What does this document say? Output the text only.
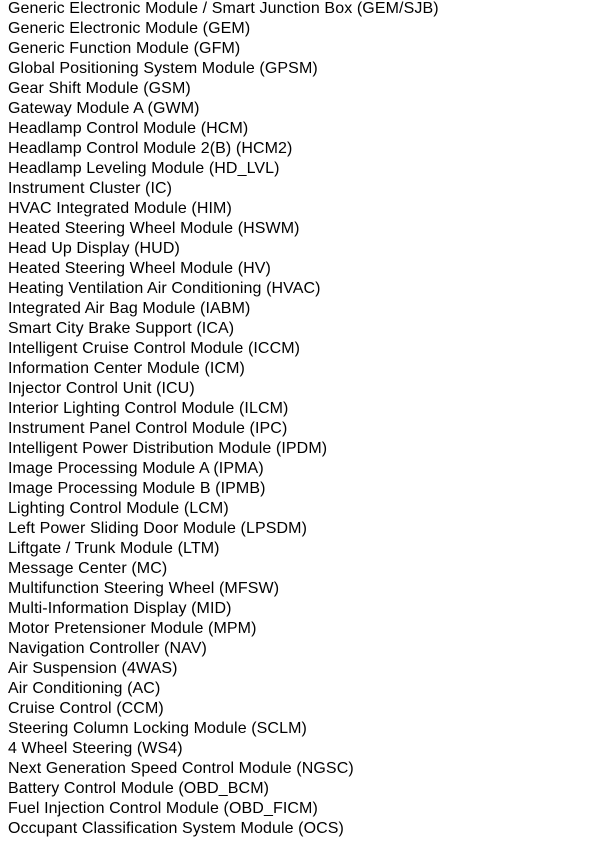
Generic Electronic Module / Smart Junction Box (GEM/SJB)
Generic Electronic Module (GEM)
Generic Function Module (GFM)
Global Positioning System Module (GPSM)
Gear Shift Module (GSM)
Gateway Module A (GWM)
Headlamp Control Module (HCM)
Headlamp Control Module 2(B) (HCM2)
Headlamp Leveling Module (HD_LVL)
Instrument Cluster (IC)
HVAC Integrated Module (HIM)
Heated Steering Wheel Module (HSWM)
Head Up Display (HUD)
Heated Steering Wheel Module (HV)
Heating Ventilation Air Conditioning (HVAC)
Integrated Air Bag Module (IABM)
Smart City Brake Support (ICA)
Intelligent Cruise Control Module (ICCM)
Information Center Module (ICM)
Injector Control Unit (ICU)
Interior Lighting Control Module (ILCM)
Instrument Panel Control Module (IPC)
Intelligent Power Distribution Module (IPDM)
Image Processing Module A (IPMA)
Image Processing Module B (IPMB)
Lighting Control Module (LCM)
Left Power Sliding Door Module (LPSDM)
Liftgate / Trunk Module (LTM)
Message Center (MC)
Multifunction Steering Wheel (MFSW)
Multi-Information Display (MID)
Motor Pretensioner Module (MPM)
Navigation Controller (NAV)
Air Suspension (4WAS)
Air Conditioning (AC)
Cruise Control (CCM)
Steering Column Locking Module (SCLM)
4 Wheel Steering (WS4)
Next Generation Speed Control Module (NGSC)
Battery Control Module (OBD_BCM)
Fuel Injection Control Module (OBD_FICM)
Occupant Classification System Module (OCS)
